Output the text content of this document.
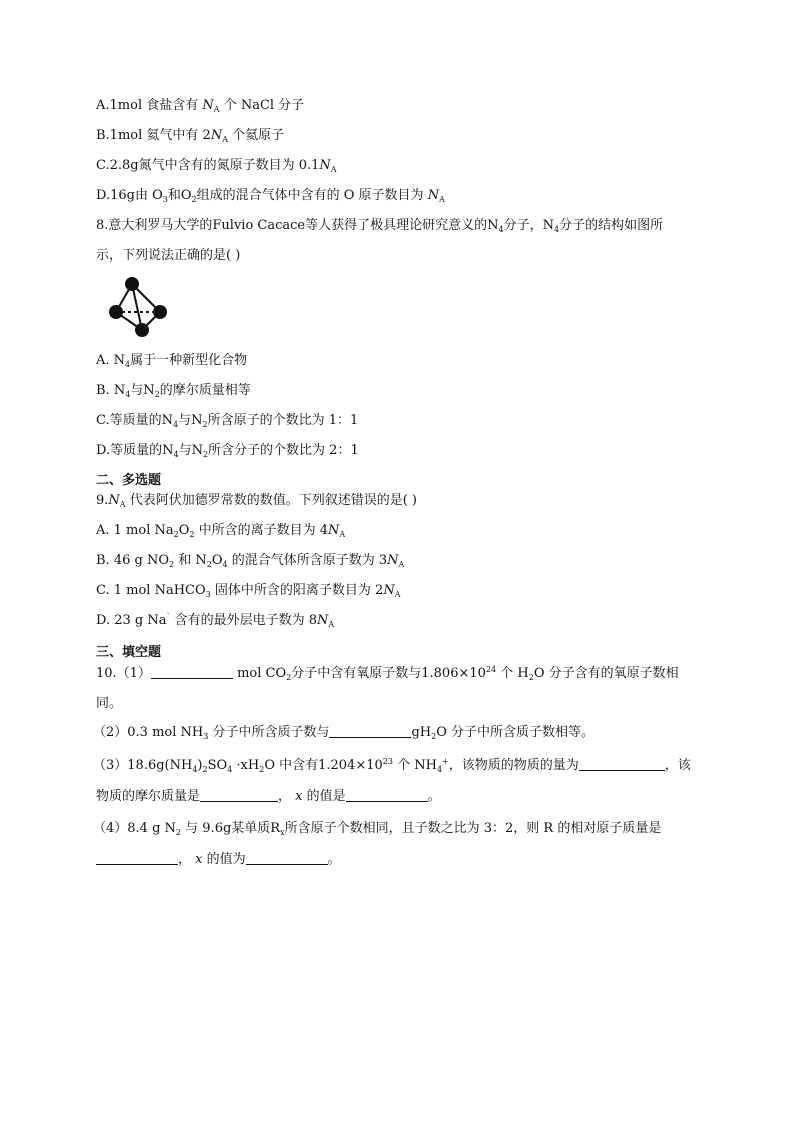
A.1mol 食盐含有 $N_A$ 个 NaCl 分子
B.1mol 氦气中有 $2N_A$ 个氦原子
C.2.8g氮气中含有的氮原子数目为 $0.1N_A$
D.16g由 $O_3$和$O_2$组成的混合气体中含有的 O 原子数目为 $N_A$
8.意大利罗马大学的Fulvio Cacace等人获得了极具理论研究意义的$N_4$分子，$N_4$分子的结构如图所
示，下列说法正确的是( )
A. $N_4$属于一种新型化合物
B. $N_4$与$N_2$的摩尔质量相等
C.等质量的$N_4$与$N_2$所含原子的个数比为 1：1
D.等质量的$N_4$与$N_2$所含分子的个数比为 2：1
二、多选题
$9.N_A$ 代表阿伏加德罗常数的数值。下列叙述错误的是( )
A. 1 mol $Na_2O_2$ 中所含的离子数目为 $4N_A$
B. 46 g $NO_2$ 和 $N_2O_4$ 的混合气体所含原子数为 $3N_A$
C. 1 mol NaHCO$_3$ 固体中所含的阳离子数目为 $2N_A$
D. 23 g Na` 含有的最外层电子数为 $8N_A$
三、填空题
10.（1）	mol $CO_2$分子中含有氧原子数与$1.806\times 10^{24}$ 个 $H_2O$ 分子含有的氧原子数相
同。
（2）0.3 mol $NH_3$ 分子中所含质子数与	$gH_2O$ 分子中所含质子数相等。
$(3)18.6g(NH_4)_2SO_4 \cdot xH_2O$ 中含有$1.204\times 10^{23}$ 个 $NH_4^+$，该物质的物质的量为	，该
物质的摩尔质量是	， x 的值是	。
（4）8.4 g $N_2$ 与 9.6g某单质$R_x$所含原子个数相同，且子数之比为 3：2，则 R 的相对原子质量是
， x 的值为	。
